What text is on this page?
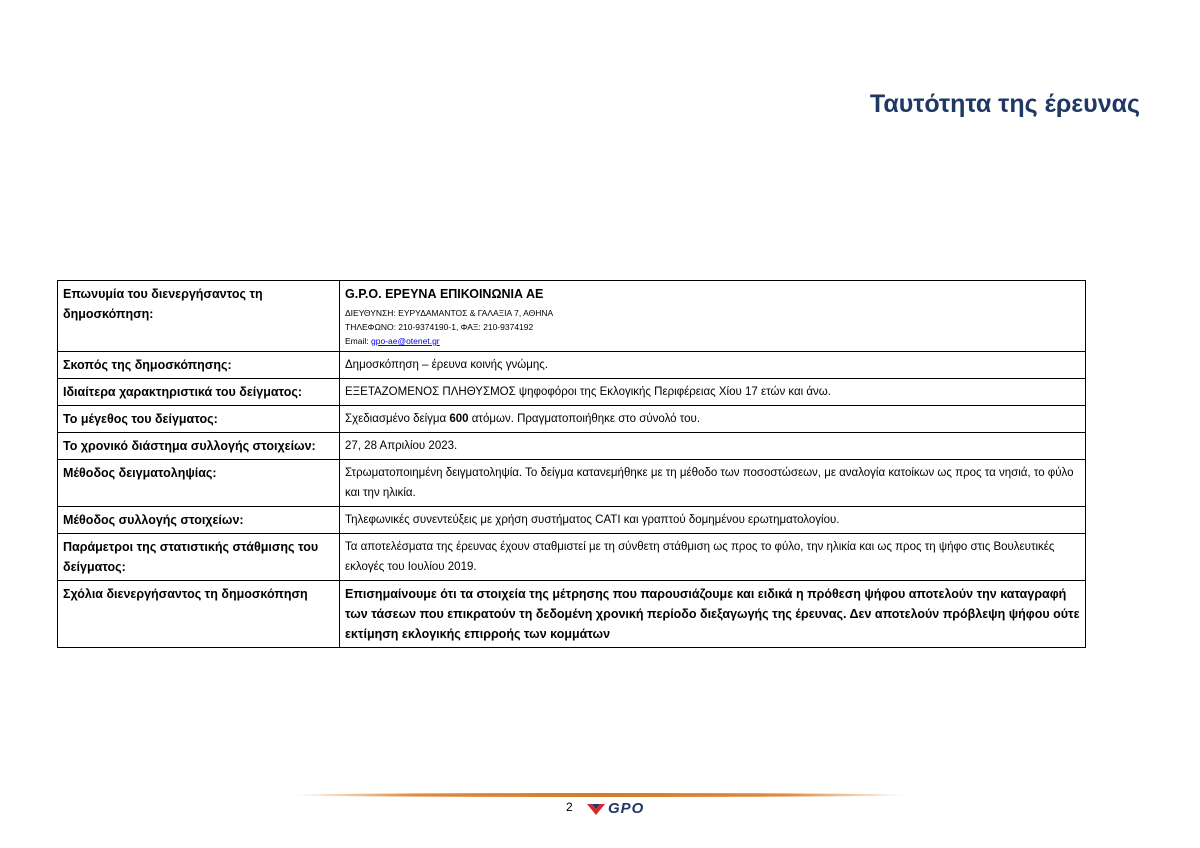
Ταυτότητα της έρευνας
Επωνυμία του διενεργήσαντος τη δημοσκόπηση:	G.P.O. ΕΡΕΥΝΑ ΕΠΙΚΟΙΝΩΝΙΑ ΑΕ
ΔΙΕΥΘΥΝΣΗ: ΕΥΡΥΔΑΜΑΝΤΟΣ & ΓΑΛΑΞΙΑ 7, ΑΘΗΝΑ
ΤΗΛΕΦΩΝΟ: 210-9374190-1, ΦΑΞ: 210-9374192
Email: gpo-ae@otenet.gr

Σκοπός της δημοσκόπησης:	Δημοσκόπηση – έρευνα κοινής γνώμης.
Ιδιαίτερα χαρακτηριστικά του δείγματος:	ΕΞΕΤΑΖΟΜΕΝΟΣ ΠΛΗΘΥΣΜΟΣ ψηφοφόροι της Εκλογικής Περιφέρειας Χίου 17 ετών και άνω.
Το μέγεθος του δείγματος:	Σχεδιασμένο δείγμα 600 ατόμων. Πραγματοποιήθηκε στο σύνολό του.
Το χρονικό διάστημα συλλογής στοιχείων:	27, 28 Απριλίου 2023.
Μέθοδος δειγματοληψίας:	Στρωματοποιημένη δειγματοληψία. Το δείγμα κατανεμήθηκε με τη μέθοδο των ποσοστώσεων, με αναλογία κατοίκων ως προς τα νησιά, το φύλο και την ηλικία.
Μέθοδος συλλογής στοιχείων:	Τηλεφωνικές συνεντεύξεις με χρήση συστήματος CATI και γραπτού δομημένου ερωτηματολογίου.
Παράμετροι της στατιστικής στάθμισης του δείγματος:	Τα αποτελέσματα της έρευνας έχουν σταθμιστεί με τη σύνθετη στάθμιση ως προς το φύλο, την ηλικία και ως προς τη ψήφο στις Βουλευτικές εκλογές του Ιουλίου 2019.
Σχόλια διενεργήσαντος τη δημοσκόπηση	Επισημαίνουμε ότι τα στοιχεία της μέτρησης που παρουσιάζουμε και ειδικά η πρόθεση ψήφου αποτελούν την καταγραφή των τάσεων που επικρατούν τη δεδομένη χρονική περίοδο διεξαγωγής της έρευνας. Δεν αποτελούν πρόβλεψη ψήφου ούτε εκτίμηση εκλογικής επιρροής των κομμάτων
2 GPO
